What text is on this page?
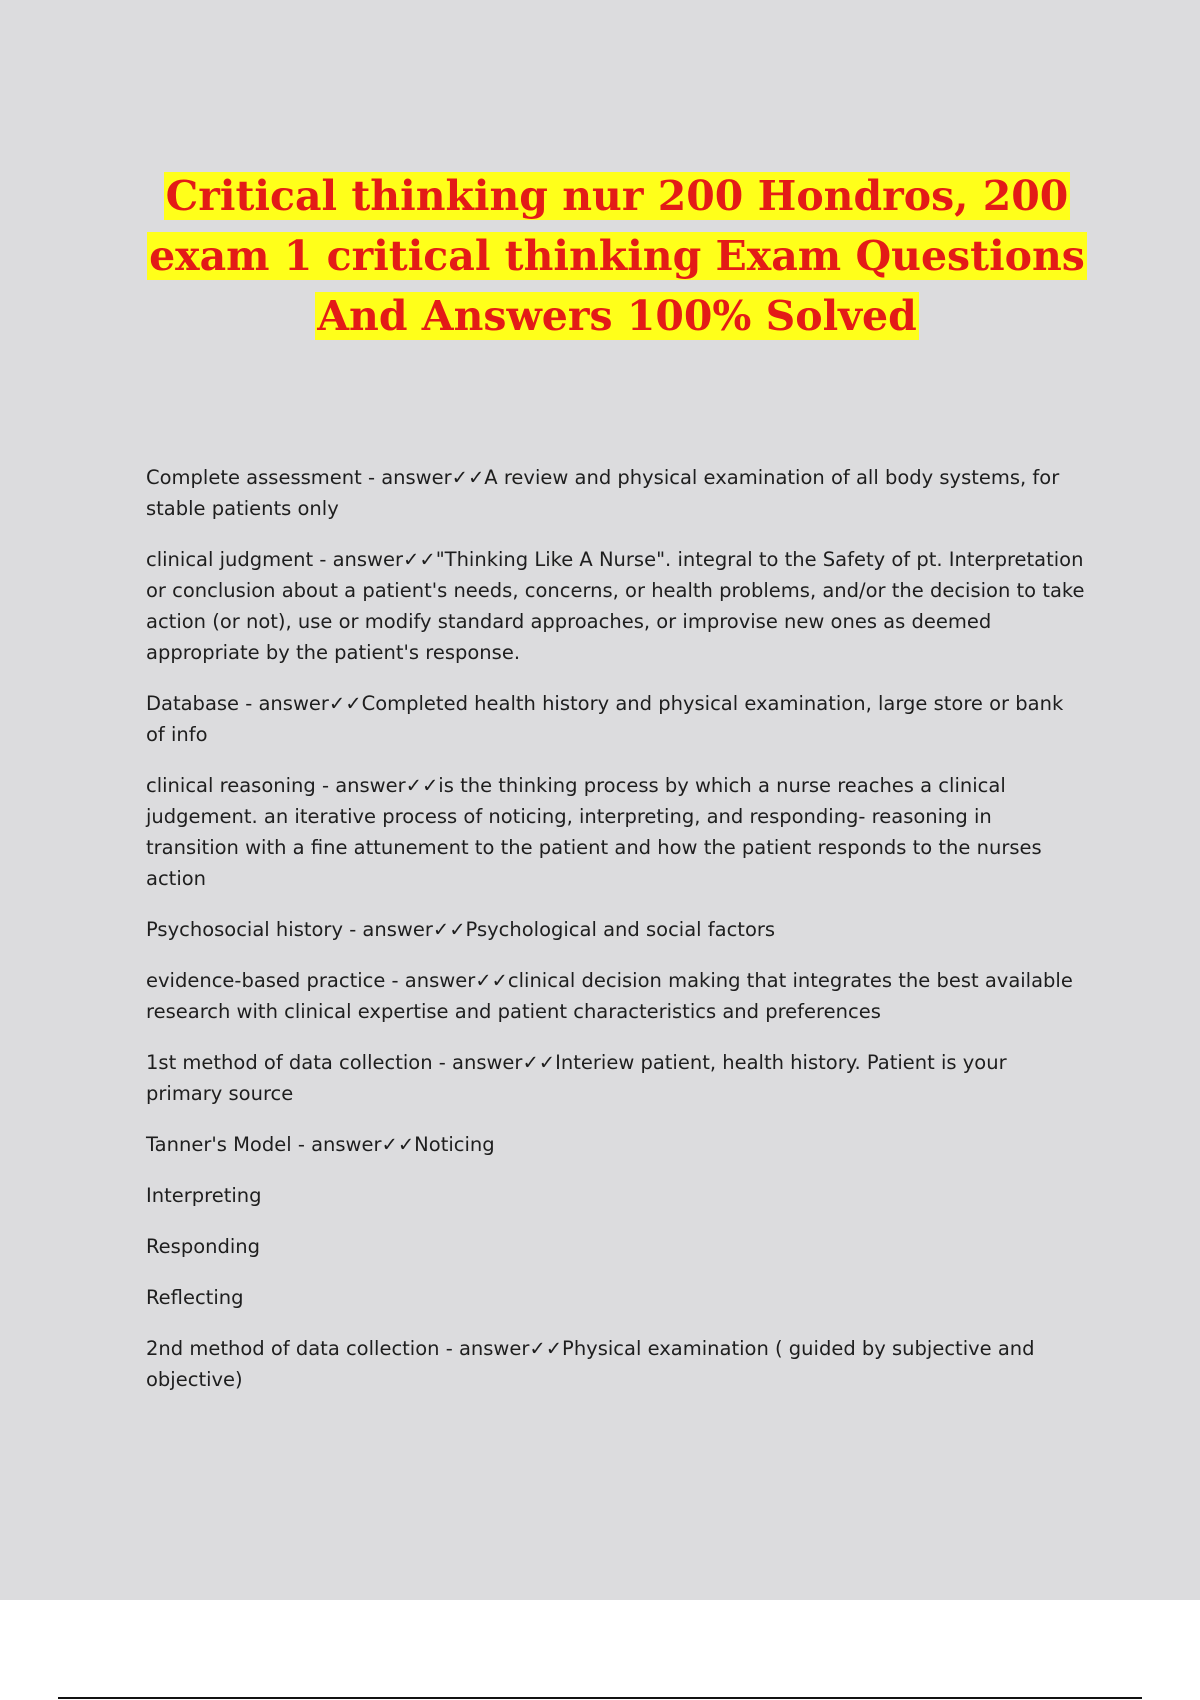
Critical thinking nur 200 Hondros, 200 exam 1 critical thinking Exam Questions And Answers 100% Solved

Complete assessment - answer✓✓A review and physical examination of all body systems, for stable patients only

clinical judgment - answer✓✓"Thinking Like A Nurse". integral to the Safety of pt. Interpretation or conclusion about a patient's needs, concerns, or health problems, and/or the decision to take action (or not), use or modify standard approaches, or improvise new ones as deemed appropriate by the patient's response.

Database - answer✓✓Completed health history and physical examination, large store or bank of info

clinical reasoning - answer✓✓is the thinking process by which a nurse reaches a clinical judgement. an iterative process of noticing, interpreting, and responding- reasoning in transition with a fine attunement to the patient and how the patient responds to the nurses action

Psychosocial history - answer✓✓Psychological and social factors

evidence-based practice - answer✓✓clinical decision making that integrates the best available research with clinical expertise and patient characteristics and preferences

1st method of data collection - answer✓✓Interiew patient, health history. Patient is your primary source

Tanner's Model - answer✓✓Noticing

Interpreting

Responding

Reflecting

2nd method of data collection - answer✓✓Physical examination ( guided by subjective and objective)
